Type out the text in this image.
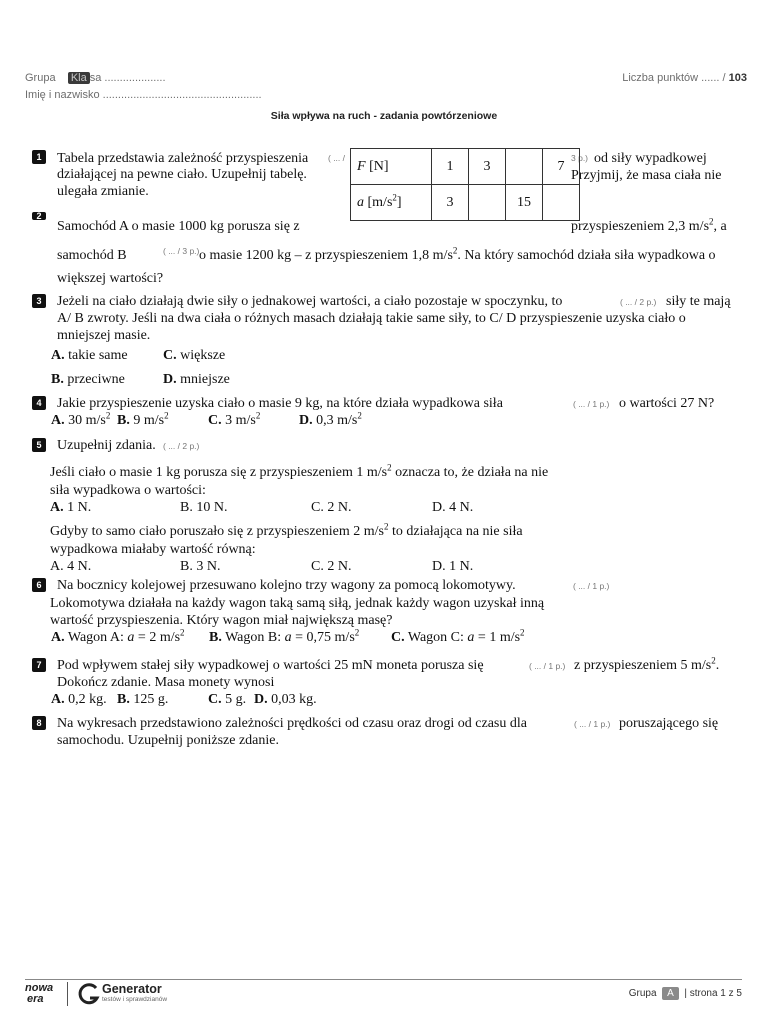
Grupa Kla sa ....................	Liczba punktów ...... / 103
Imię i nazwisko ....................................................
Siła wpływa na ruch - zadania powtórzeniowe
1	Tabela przedstawia zależność przyspieszenia ( ... /	3 p.) od siły wypadkowej
działającej na pewne ciało. Uzupełnij tabelę.	Przyjmij, że masa ciała nie
ulegała zmianie.
F [N]	1	3		7
a $[m/s^2]$	3		15	
2
Samochód A o masie 1000 kg porusza się z	przyspieszeniem 2,3 $m/s^2$, a
samochód B	( ... / 3 p.) o masie 1200 kg – z przyspieszeniem 1,8 $m/s^2$. Na który samochód działa siła wypadkowa o
większej wartości?
3	Jeżeli na ciało działają dwie siły o jednakowej wartości, a ciało pozostaje w spoczynku, to	( ... / 2 p.) siły te mają
A/ B zwroty. Jeśli na dwa ciała o różnych masach działają takie same siły, to C/ D przyspieszenie uzyska ciało o
mniejszej masie.
A. takie same	C. większe
B. przeciwne	D. mniejsze
4	Jakie przyspieszenie uzyska ciało o masie 9 kg, na które działa wypadkowa siła	( ... / 1 p.) o wartości 27 N?
A. 30 $m/s^2$ B. 9 $m/s^2$	C. 3 $m/s^2$	D. 0,3 $m/s^2$
5	Uzupełnij zdania. ( ... / 2 p.)
Jeśli ciało o masie 1 kg porusza się z przyspieszeniem 1 $m/s^2$ oznacza to, że działa na nie
siła wypadkowa o wartości:
A. 1 N.	B. 10 N.	C. 2 N.	D. 4 N.
Gdyby to samo ciało poruszało się z przyspieszeniem 2 $m/s^2$ to działająca na nie siła
wypadkowa miałaby wartość równą:
A. 4 N.	B. 3 N.	C. 2 N.	D. 1 N.
6	Na bocznicy kolejowej przesuwano kolejno trzy wagony za pomocą lokomotywy.	( ... / 1 p.)
Lokomotywa działała na każdy wagon taką samą siłą, jednak każdy wagon uzyskał inną
wartość przyspieszenia. Który wagon miał największą masę?
A. Wagon A: a = 2 $m/s^2$ B. Wagon B: a = 0,75 $m/s^2$ C. Wagon C: a = 1 $m/s^2$
7	Pod wpływem stałej siły wypadkowej o wartości 25 mN moneta porusza się	( ... / 1 p.) z przyspieszeniem 5 $m/s^2$.
Dokończ zdanie. Masa monety wynosi
A. 0,2 kg. B. 125 g.	C. 5 g. D. 0,03 kg.
8	Na wykresach przedstawiono zależności prędkości od czasu oraz drogi od czasu dla	( ... / 1 p.) poruszającego się
samochodu. Uzupełnij poniższe zdanie.
nowa
era
Generator
testów i sprawdzianów
Grupa A | strona 1 z 5
